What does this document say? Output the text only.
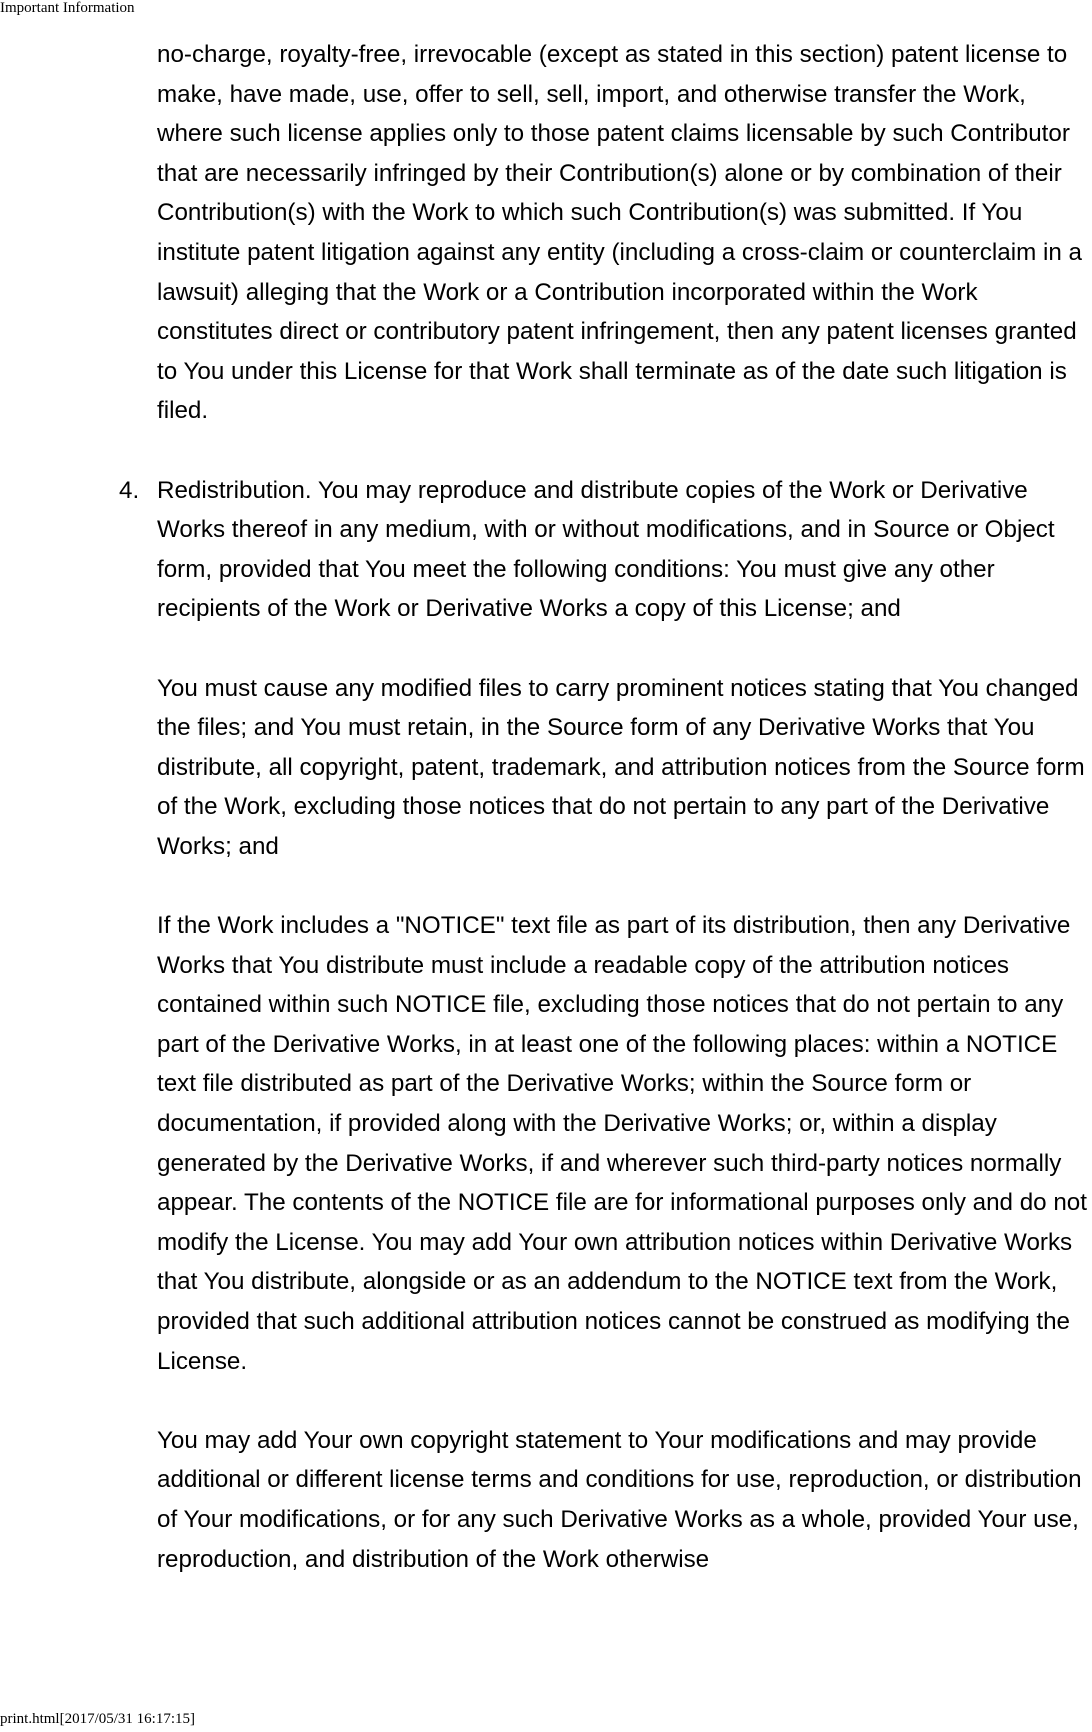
Important Information

no-charge, royalty-free, irrevocable (except as stated in this section) patent license to make, have made, use, offer to sell, sell, import, and otherwise transfer the Work, where such license applies only to those patent claims licensable by such Contributor that are necessarily infringed by their Contribution(s) alone or by combination of their Contribution(s) with the Work to which such Contribution(s) was submitted. If You institute patent litigation against any entity (including a cross-claim or counterclaim in a lawsuit) alleging that the Work or a Contribution incorporated within the Work constitutes direct or contributory patent infringement, then any patent licenses granted to You under this License for that Work shall terminate as of the date such litigation is filed.

4. Redistribution. You may reproduce and distribute copies of the Work or Derivative Works thereof in any medium, with or without modifications, and in Source or Object form, provided that You meet the following conditions: You must give any other recipients of the Work or Derivative Works a copy of this License; and

You must cause any modified files to carry prominent notices stating that You changed the files; and You must retain, in the Source form of any Derivative Works that You distribute, all copyright, patent, trademark, and attribution notices from the Source form of the Work, excluding those notices that do not pertain to any part of the Derivative Works; and

If the Work includes a "NOTICE" text file as part of its distribution, then any Derivative Works that You distribute must include a readable copy of the attribution notices contained within such NOTICE file, excluding those notices that do not pertain to any part of the Derivative Works, in at least one of the following places: within a NOTICE text file distributed as part of the Derivative Works; within the Source form or documentation, if provided along with the Derivative Works; or, within a display generated by the Derivative Works, if and wherever such third-party notices normally appear. The contents of the NOTICE file are for informational purposes only and do not modify the License. You may add Your own attribution notices within Derivative Works that You distribute, alongside or as an addendum to the NOTICE text from the Work, provided that such additional attribution notices cannot be construed as modifying the License.

You may add Your own copyright statement to Your modifications and may provide additional or different license terms and conditions for use, reproduction, or distribution of Your modifications, or for any such Derivative Works as a whole, provided Your use, reproduction, and distribution of the Work otherwise

print.html[2017/05/31 16:17:15]
